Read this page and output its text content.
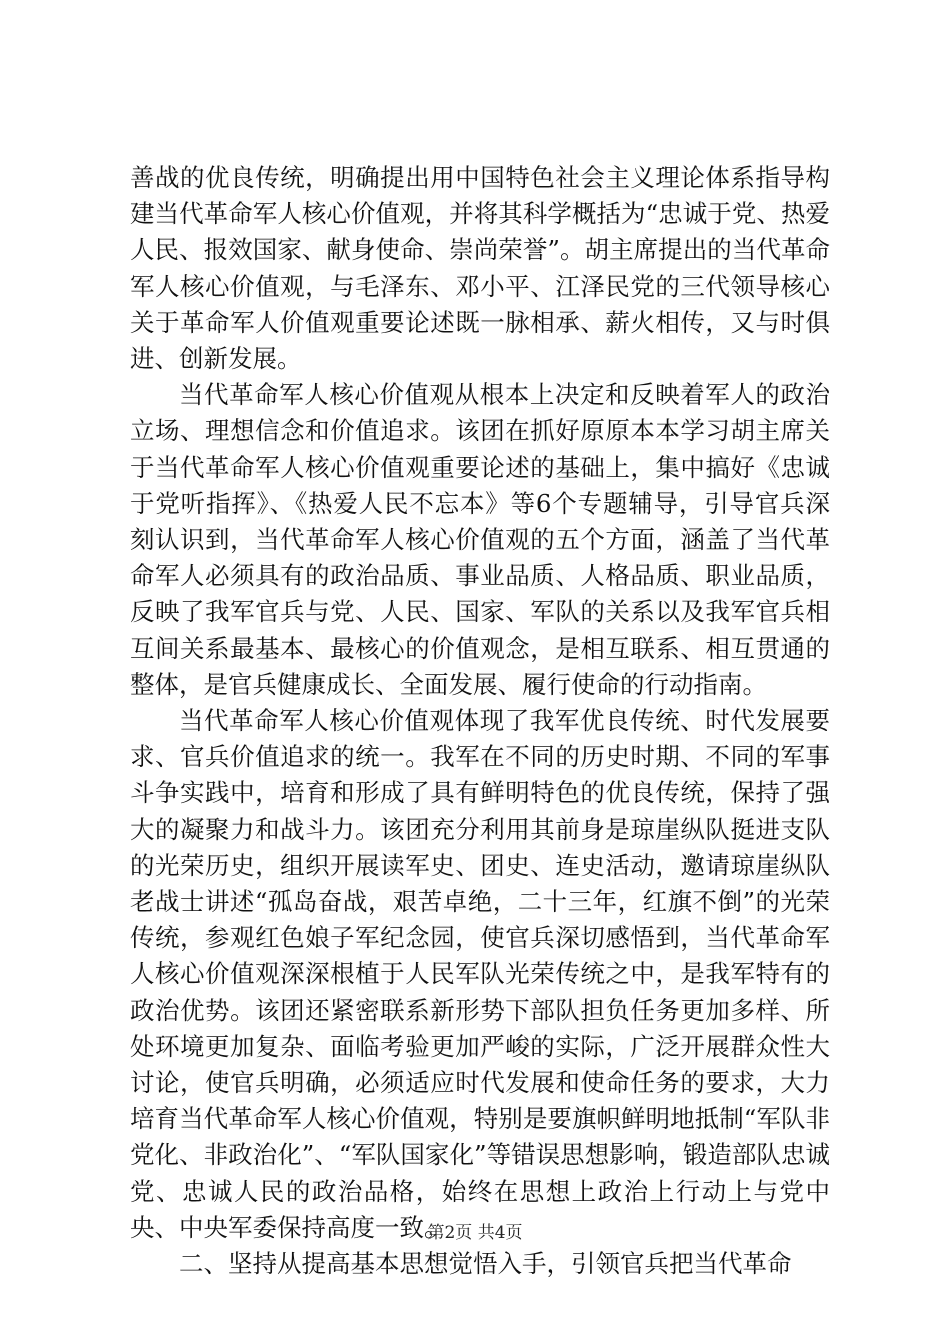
善战的优良传统，明确提出用中国特色社会主义理论体系指导构建当代革命军人核心价值观，并将其科学概括为“忠诚于党、热爱人民、报效国家、献身使命、崇尚荣誉”。胡主席提出的当代革命军人核心价值观，与毛泽东、邓小平、江泽民党的三代领导核心关于革命军人价值观重要论述既一脉相承、薪火相传，又与时俱进、创新发展。

当代革命军人核心价值观从根本上决定和反映着军人的政治立场、理想信念和价值追求。该团在抓好原原本本学习胡主席关于当代革命军人核心价值观重要论述的基础上，集中搞好《忠诚于党听指挥》、《热爱人民不忘本》等6个专题辅导，引导官兵深刻认识到，当代革命军人核心价值观的五个方面，涵盖了当代革命军人必须具有的政治品质、事业品质、人格品质、职业品质，反映了我军官兵与党、人民、国家、军队的关系以及我军官兵相互间关系最基本、最核心的价值观念，是相互联系、相互贯通的整体，是官兵健康成长、全面发展、履行使命的行动指南。

当代革命军人核心价值观体现了我军优良传统、时代发展要求、官兵价值追求的统一。我军在不同的历史时期、不同的军事斗争实践中，培育和形成了具有鲜明特色的优良传统，保持了强大的凝聚力和战斗力。该团充分利用其前身是琼崖纵队挺进支队的光荣历史，组织开展读军史、团史、连史活动，邀请琼崖纵队老战士讲述“孤岛奋战，艰苦卓绝，二十三年，红旗不倒”的光荣传统，参观红色娘子军纪念园，使官兵深切感悟到，当代革命军人核心价值观深深根植于人民军队光荣传统之中，是我军特有的政治优势。该团还紧密联系新形势下部队担负任务更加多样、所处环境更加复杂、面临考验更加严峻的实际，广泛开展群众性大讨论，使官兵明确，必须适应时代发展和使命任务的要求，大力培育当代革命军人核心价值观，特别是要旗帜鲜明地抵制“军队非党化、非政治化”、“军队国家化”等错误思想影响，锻造部队忠诚党、忠诚人民的政治品格，始终在思想上政治上行动上与党中央、中央军委保持高度一致。

二、坚持从提高基本思想觉悟入手，引领官兵把当代革命

第2页 共4页
